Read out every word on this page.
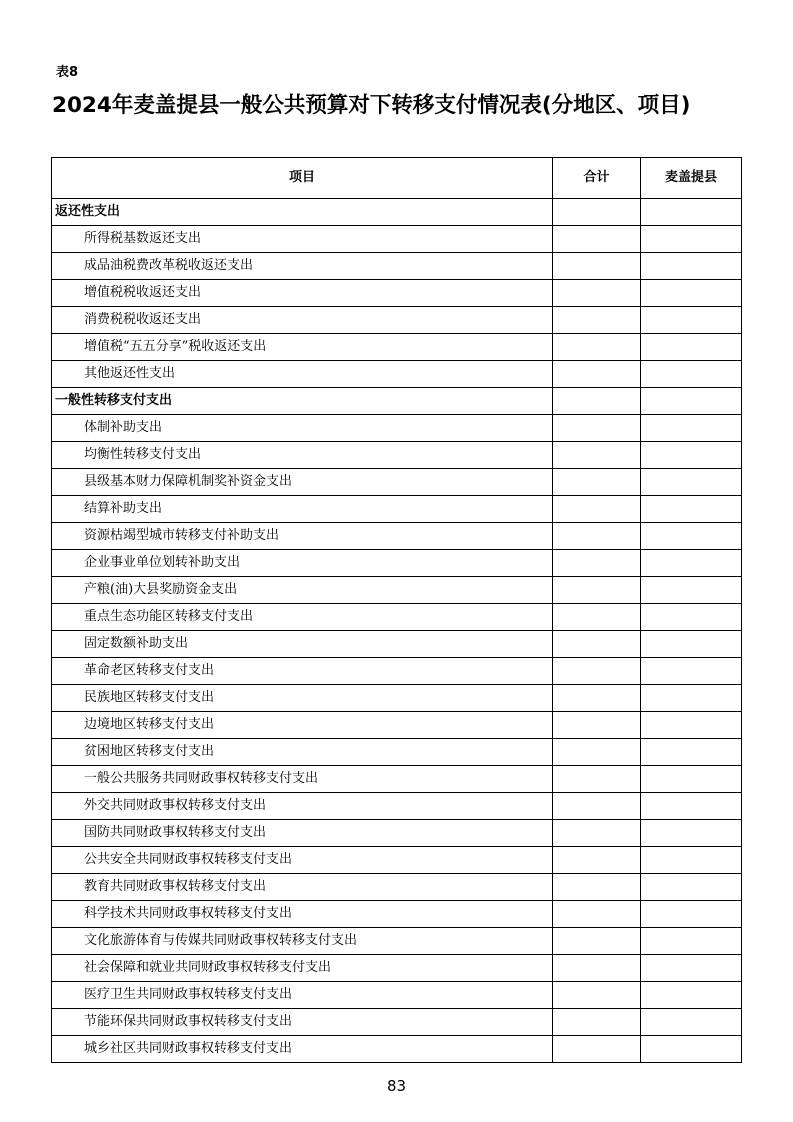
表8
2024年麦盖提县一般公共预算对下转移支付情况表(分地区、项目)
项目	合计	麦盖提县
返还性支出		
所得税基数返还支出		
成品油税费改革税收返还支出		
增值税税收返还支出		
消费税税收返还支出		
增值税“五五分享”税收返还支出		
其他返还性支出		
一般性转移支付支出		
体制补助支出		
均衡性转移支付支出		
县级基本财力保障机制奖补资金支出		
结算补助支出		
资源枯竭型城市转移支付补助支出		
企业事业单位划转补助支出		
产粮(油)大县奖励资金支出		
重点生态功能区转移支付支出		
固定数额补助支出		
革命老区转移支付支出		
民族地区转移支付支出		
边境地区转移支付支出		
贫困地区转移支付支出		
一般公共服务共同财政事权转移支付支出		
外交共同财政事权转移支付支出		
国防共同财政事权转移支付支出		
公共安全共同财政事权转移支付支出		
教育共同财政事权转移支付支出		
科学技术共同财政事权转移支付支出		
文化旅游体育与传媒共同财政事权转移支付支出		
社会保障和就业共同财政事权转移支付支出		
医疗卫生共同财政事权转移支付支出		
节能环保共同财政事权转移支付支出		
城乡社区共同财政事权转移支付支出		
83
